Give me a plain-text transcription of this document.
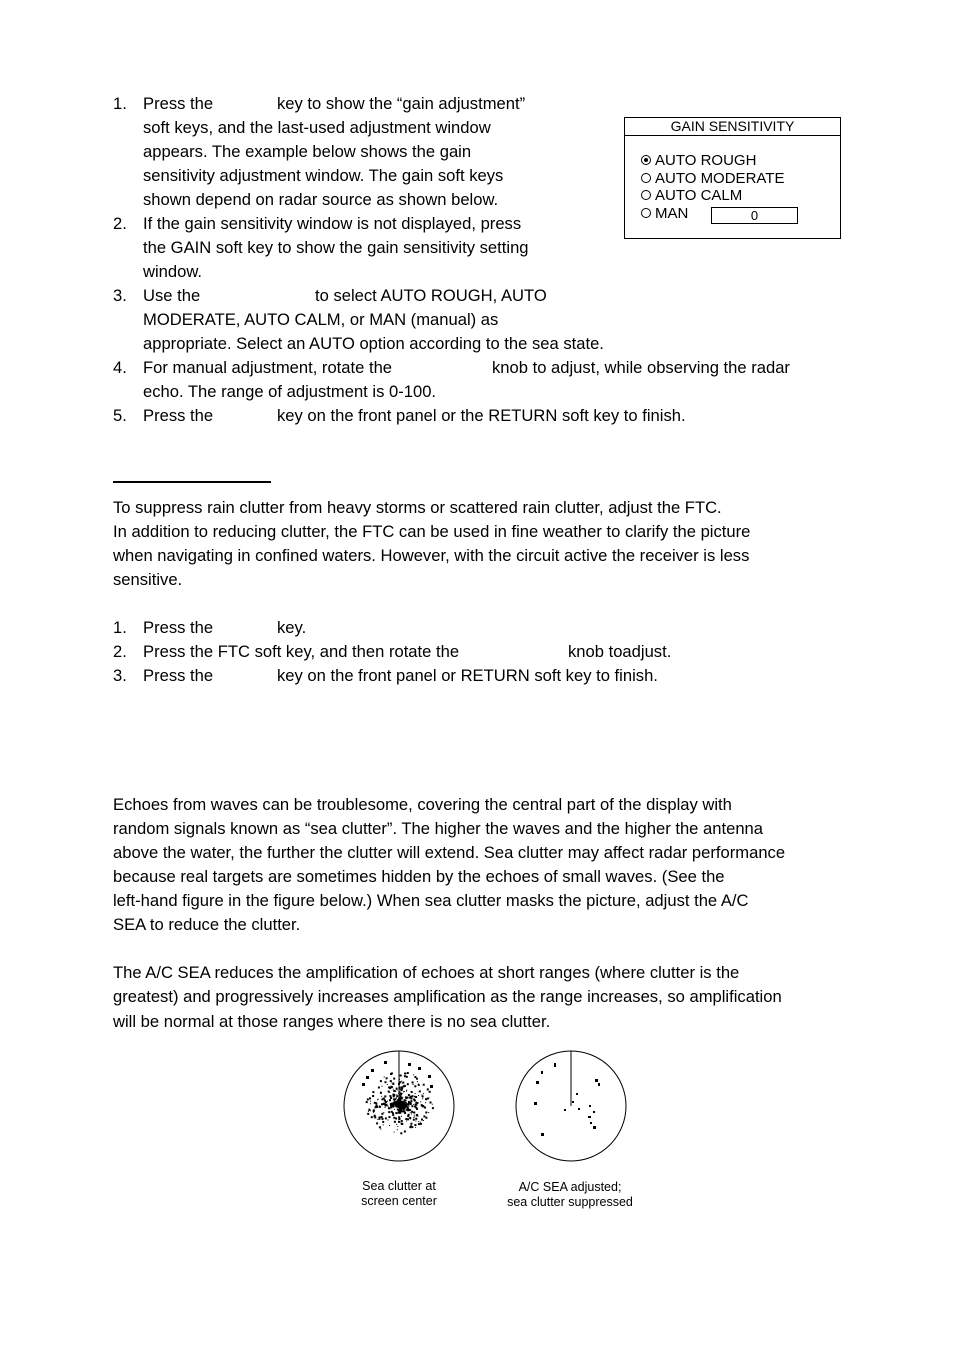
1. Press the	key to show the “gain adjustment”
soft keys, and the last-used adjustment window
appears. The example below shows the gain
sensitivity adjustment window. The gain soft keys
shown depend on radar source as shown below.
2. If the gain sensitivity window is not displayed, press
the GAIN soft key to show the gain sensitivity setting
window.
3. Use the	to select AUTO ROUGH, AUTO
MODERATE, AUTO CALM, or MAN (manual) as
appropriate. Select an AUTO option according to the sea state.
4. For manual adjustment, rotate the	knob to adjust, while observing the radar
echo. The range of adjustment is 0-100.
5. Press the	key on the front panel or the RETURN soft key to finish.
GAIN SENSITIVITY
AUTO ROUGH
AUTO MODERATE
AUTO CALM
MAN	0
To suppress rain clutter from heavy storms or scattered rain clutter, adjust the FTC.
In addition to reducing clutter, the FTC can be used in fine weather to clarify the picture
when navigating in confined waters. However, with the circuit active the receiver is less
sensitive.
1. Press the	key.
2. Press the FTC soft key, and then rotate the	knob toadjust.
3. Press the	key on the front panel or RETURN soft key to finish.
Echoes from waves can be troublesome, covering the central part of the display with
random signals known as “sea clutter”. The higher the waves and the higher the antenna
above the water, the further the clutter will extend. Sea clutter may affect radar performance
because real targets are sometimes hidden by the echoes of small waves. (See the
left-hand figure in the figure below.) When sea clutter masks the picture, adjust the A/C
SEA to reduce the clutter.
The A/C SEA reduces the amplification of echoes at short ranges (where clutter is the
greatest) and progressively increases amplification as the range increases, so amplification
will be normal at those ranges where there is no sea clutter.
Sea clutter at
screen center
A/C SEA adjusted;
sea clutter suppressed
